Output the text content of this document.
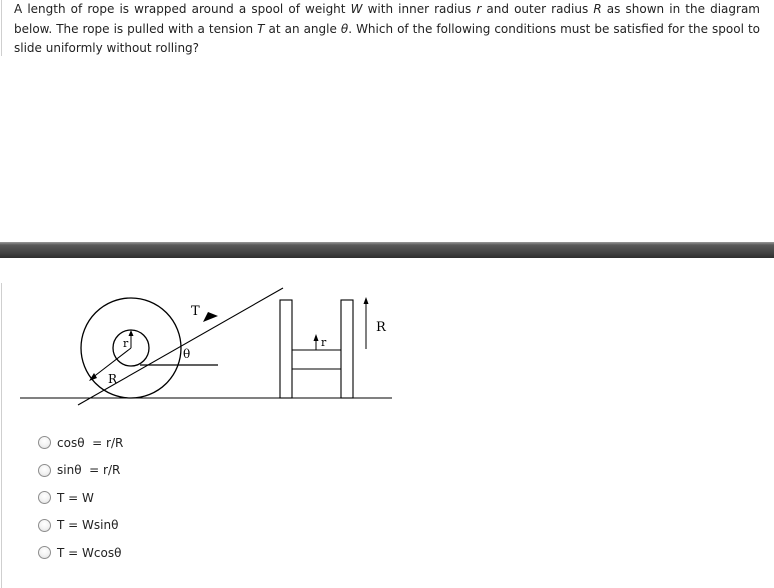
A length of rope is wrapped around a spool of weight W with inner radius r and outer radius R as shown in the diagram below. The rope is pulled with a tension T at an angle θ. Which of the following conditions must be satisfied for the spool to slide uniformly without rolling?

r
R
T
θ
r
R
cosθ  = r/R
sinθ  = r/R
T = W
T = Wsinθ
T = Wcosθ
